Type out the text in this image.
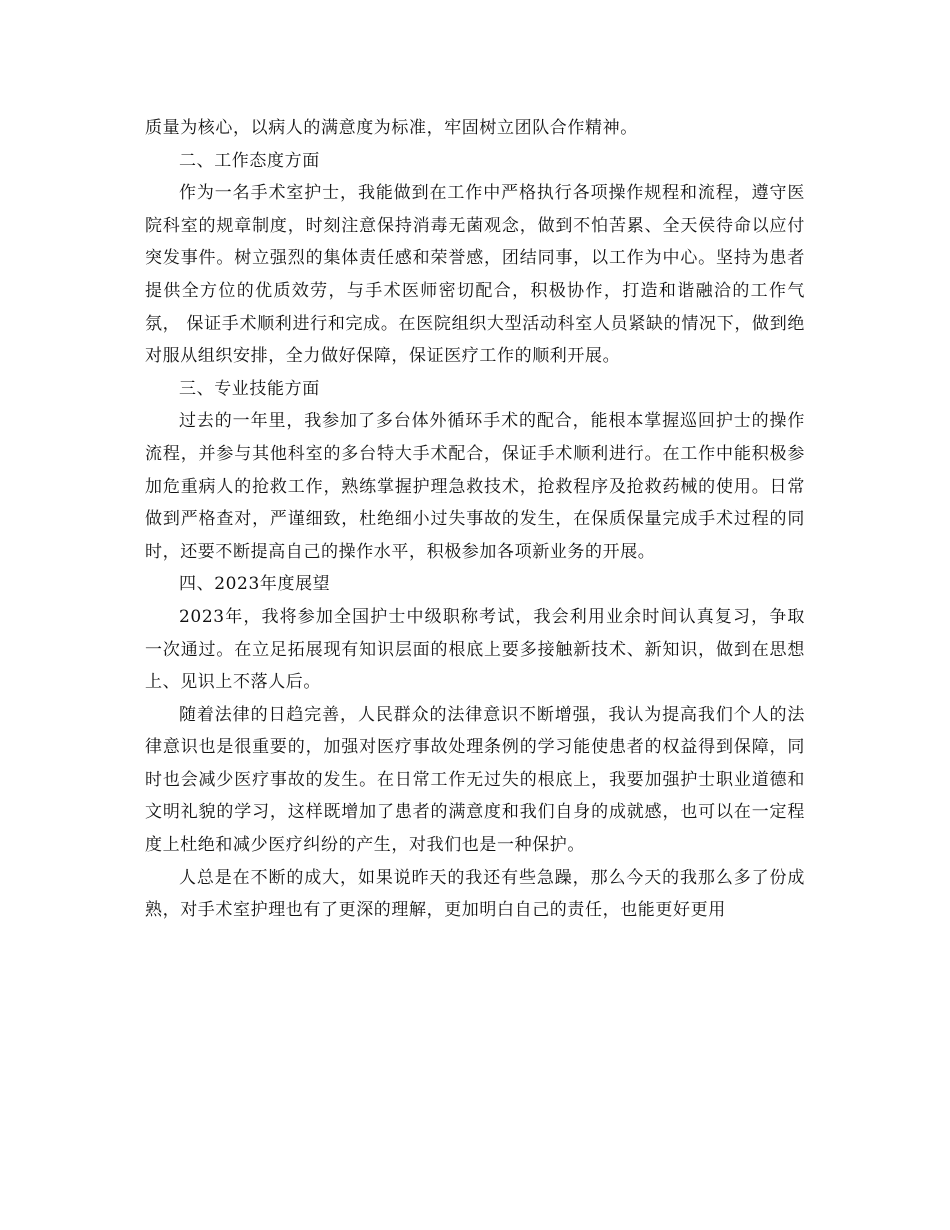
质量为核心，以病人的满意度为标准，牢固树立团队合作精神。

二、工作态度方面

作为一名手术室护士，我能做到在工作中严格执行各项操作规程和流程，遵守医院科室的规章制度，时刻注意保持消毒无菌观念，做到不怕苦累、全天侯待命以应付突发事件。树立强烈的集体责任感和荣誉感，团结同事，以工作为中心。坚持为患者提供全方位的优质效劳，与手术医师密切配合，积极协作，打造和谐融洽的工作气氛， 保证手术顺利进行和完成。在医院组织大型活动科室人员紧缺的情况下，做到绝对服从组织安排，全力做好保障，保证医疗工作的顺利开展。

三、专业技能方面

过去的一年里，我参加了多台体外循环手术的配合，能根本掌握巡回护士的操作流程，并参与其他科室的多台特大手术配合，保证手术顺利进行。在工作中能积极参加危重病人的抢救工作，熟练掌握护理急救技术，抢救程序及抢救药械的使用。日常做到严格查对，严谨细致，杜绝细小过失事故的发生，在保质保量完成手术过程的同时，还要不断提高自己的操作水平，积极参加各项新业务的开展。

四、2023年度展望

2023年，我将参加全国护士中级职称考试，我会利用业余时间认真复习，争取一次通过。在立足拓展现有知识层面的根底上要多接触新技术、新知识，做到在思想上、见识上不落人后。

随着法律的日趋完善，人民群众的法律意识不断增强，我认为提高我们个人的法律意识也是很重要的，加强对医疗事故处理条例的学习能使患者的权益得到保障，同时也会减少医疗事故的发生。在日常工作无过失的根底上，我要加强护士职业道德和文明礼貌的学习，这样既增加了患者的满意度和我们自身的成就感，也可以在一定程度上杜绝和减少医疗纠纷的产生，对我们也是一种保护。

人总是在不断的成大，如果说昨天的我还有些急躁，那么今天的我那么多了份成熟，对手术室护理也有了更深的理解，更加明白自己的责任，也能更好更用
